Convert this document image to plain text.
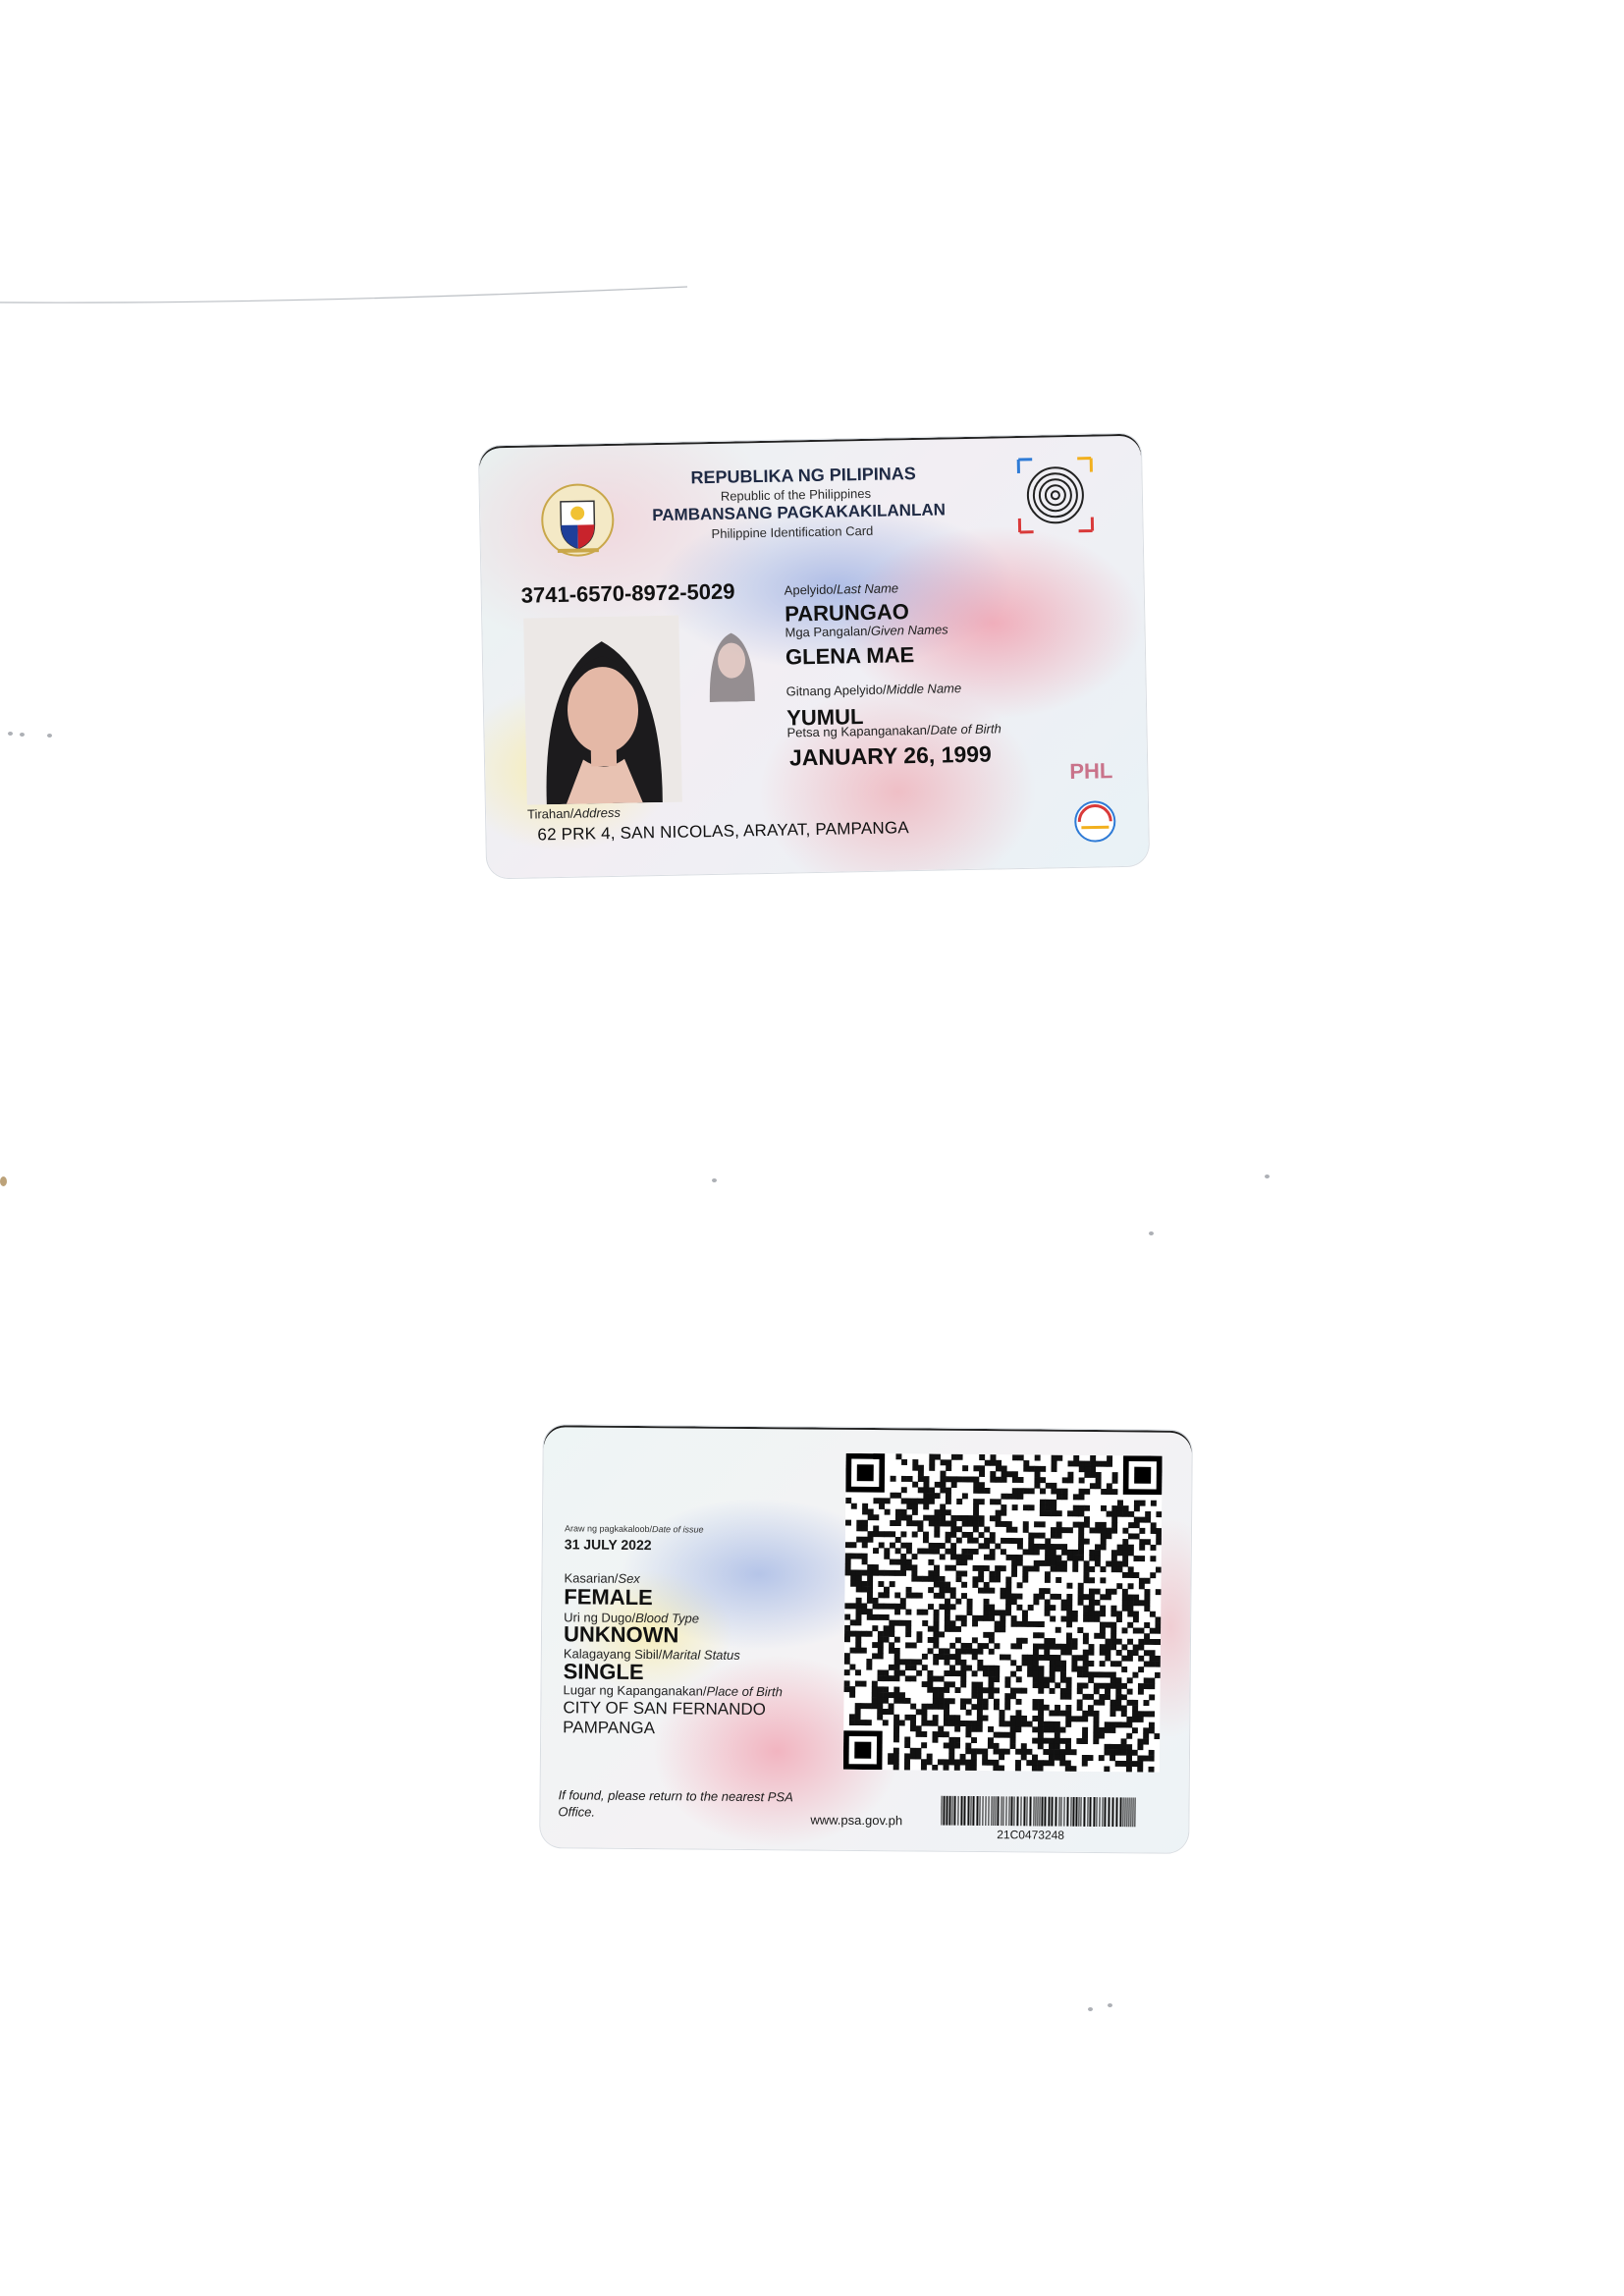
REPUBLIKA NG PILIPINAS
Republic of the Philippines
PAMBANSANG PAGKAKAKILANLAN
Philippine Identification Card
3741-6570-8972-5029	Apelyido/Last Name
PARUNGAO
Mga Pangalan/Given Names
GLENA MAE
Gitnang Apelyido/Middle Name
YUMUL
Petsa ng Kapanganakan/Date of Birth
JANUARY 26, 1999
Tirahan/Address
62 PRK 4, SAN NICOLAS, ARAYAT, PAMPANGA
PHL
Araw ng pagkakaloob/Date of issue
31 JULY 2022
Kasarian/Sex
FEMALE
Uri ng Dugo/Blood Type
UNKNOWN
Kalagayang Sibil/Marital Status
SINGLE
Lugar ng Kapanganakan/Place of Birth
CITY OF SAN FERNANDO
PAMPANGA
If found, please return to the nearest PSA Office.
www.psa.gov.ph
21C0473248
